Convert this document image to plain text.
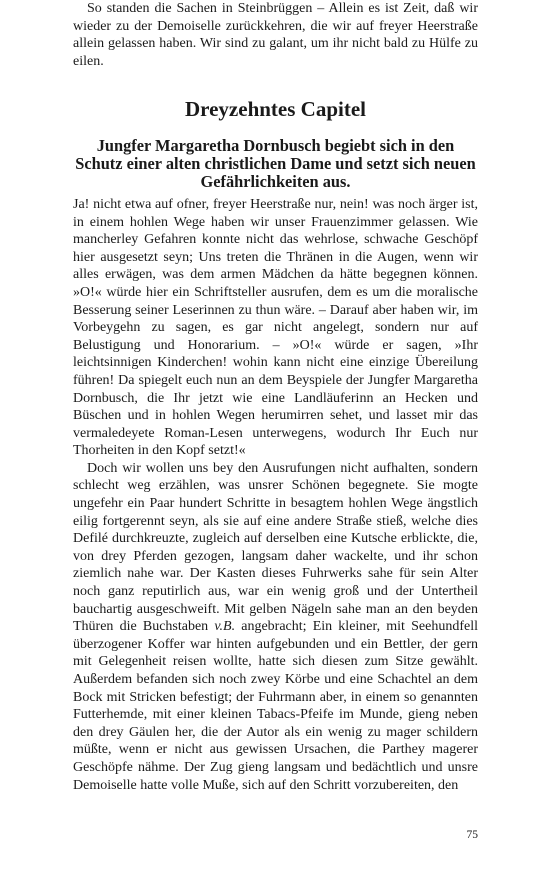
So standen die Sachen in Steinbrüggen – Allein es ist Zeit, daß wir wieder zu der Demoiselle zurückkehren, die wir auf freyer Heerstraße allein gelassen haben. Wir sind zu galant, um ihr nicht bald zu Hülfe zu eilen.

Dreyzehntes Capitel
Jungfer Margaretha Dornbusch begiebt sich in den Schutz einer alten christlichen Dame und setzt sich neuen Gefährlichkeiten aus.

Ja! nicht etwa auf ofner, freyer Heerstraße nur, nein! was noch ärger ist, in einem hohlen Wege haben wir unser Frauenzimmer gelassen. Wie mancherley Gefahren konnte nicht das wehrlose, schwache Geschöpf hier ausgesetzt seyn; Uns treten die Thränen in die Augen, wenn wir alles erwägen, was dem armen Mädchen da hätte begegnen können. »O!« würde hier ein Schriftsteller ausrufen, dem es um die moralische Besserung seiner Leserinnen zu thun wäre. – Darauf aber haben wir, im Vorbeygehn zu sagen, es gar nicht angelegt, sondern nur auf Belustigung und Honorarium. – »O!« würde er sagen, »Ihr leichtsinnigen Kinderchen! wohin kann nicht eine einzige Übereilung führen! Da spiegelt euch nun an dem Beyspiele der Jungfer Margaretha Dornbusch, die Ihr jetzt wie eine Landläuferinn an Hecken und Büschen und in hohlen Wegen herumirren sehet, und lasset mir das vermaledeyete Roman-Lesen unterwegens, wodurch Ihr Euch nur Thorheiten in den Kopf setzt!«

Doch wir wollen uns bey den Ausrufungen nicht aufhalten, sondern schlecht weg erzählen, was unsrer Schönen begegnete. Sie mogte ungefehr ein Paar hundert Schritte in besagtem hohlen Wege ängstlich eilig fortgerennt seyn, als sie auf eine andere Straße stieß, welche dies Defilé durchkreuzte, zugleich auf derselben eine Kutsche erblickte, die, von drey Pferden gezogen, langsam daher wackelte, und ihr schon ziemlich nahe war. Der Kasten dieses Fuhrwerks sahe für sein Alter noch ganz reputirlich aus, war ein wenig groß und der Untertheil bauchartig ausgeschweift. Mit gelben Nägeln sahe man an den beyden Thüren die Buchstaben v.B. angebracht; Ein kleiner, mit Seehundfell überzogener Koffer war hinten aufgebunden und ein Bettler, der gern mit Gelegenheit reisen wollte, hatte sich diesen zum Sitze gewählt. Außerdem befanden sich noch zwey Körbe und eine Schachtel an dem Bock mit Stricken befestigt; der Fuhrmann aber, in einem so genannten Futterhemde, mit einer kleinen Tabacs-Pfeife im Munde, gieng neben den drey Gäulen her, die der Autor als ein wenig zu mager schildern müßte, wenn er nicht aus gewissen Ursachen, die Parthey magerer Geschöpfe nähme. Der Zug gieng langsam und bedächtlich und unsre Demoiselle hatte volle Muße, sich auf den Schritt vorzubereiten, den

75
